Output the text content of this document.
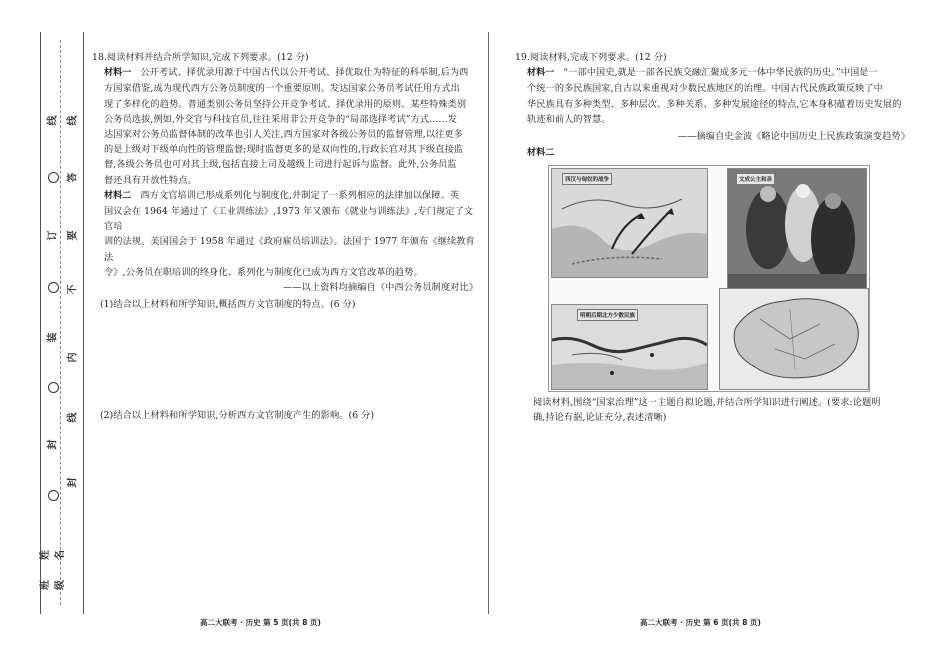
姓名
班级
线
订
装
封
线
答
要
不
内
线
封
18.阅读材料并结合所学知识,完成下列要求。(12 分)
材料一 公开考试、择优录用源于中国古代以公开考试、择优取仕为特征的科举制,后为西
方国家借鉴,成为现代西方公务员制度的一个重要原则。发达国家公务员考试任用方式出
现了多样化的趋势。普通类别公务员坚持公开竞争考试、择优录用的原则。某些特殊类别
公务员选拔,例如,外交官与科技官员,往往采用非公开竞争的“局部选择考试”方式……发
达国家对公务员监督体制的改革也引人关注,西方国家对各级公务员的监督管理,以往更多
的是上级对下级单向性的管理监督;现时监督更多的是双向性的,行政长官对其下级直接监
督,各级公务员也可对其上级,包括直接上司及越级上司进行起诉与监督。此外,公务员监
督还具有开放性特点。
材料二 西方文官培训已形成系列化与制度化,并制定了一系列相应的法律加以保障。英
国议会在 1964 年通过了《工业训练法》,1973 年又颁布《就业与训练法》,专门规定了文官培
训的法规。美国国会于 1958 年通过《政府雇员培训法》。法国于 1977 年颁布《继续教育法
令》,公务员在职培训的终身化、系列化与制度化已成为西方文官改革的趋势。
——以上资料均摘编自《中西公务员制度对比》
(1)结合以上材料和所学知识,概括西方文官制度的特点。(6 分)
(2)结合以上材料和所学知识,分析西方文官制度产生的影响。(6 分)
高二大联考 · 历史 第 5 页(共 8 页)
19.阅读材料,完成下列要求。(12 分)
材料一 “一部中国史,就是一部各民族交融汇聚成多元一体中华民族的历史。”中国是一
个统一的多民族国家,自古以来重视对少数民族地区的治理。中国古代民族政策反映了中
华民族具有多种类型、多种层次、多种关系、多种发展途径的特点,它本身积蕴着历史发展的
轨迹和前人的智慧。
——摘编自史金波《略论中国历史上民族政策演变趋势》
材料二
西汉与匈奴的战争	文成公主和亲
明朝后期北方少数民族
阅读材料,围绕“国家治理”这一主题自拟论题,并结合所学知识进行阐述。(要求:论题明
确,持论有据,论证充分,表述清晰)
高二大联考 · 历史 第 6 页(共 8 页)
